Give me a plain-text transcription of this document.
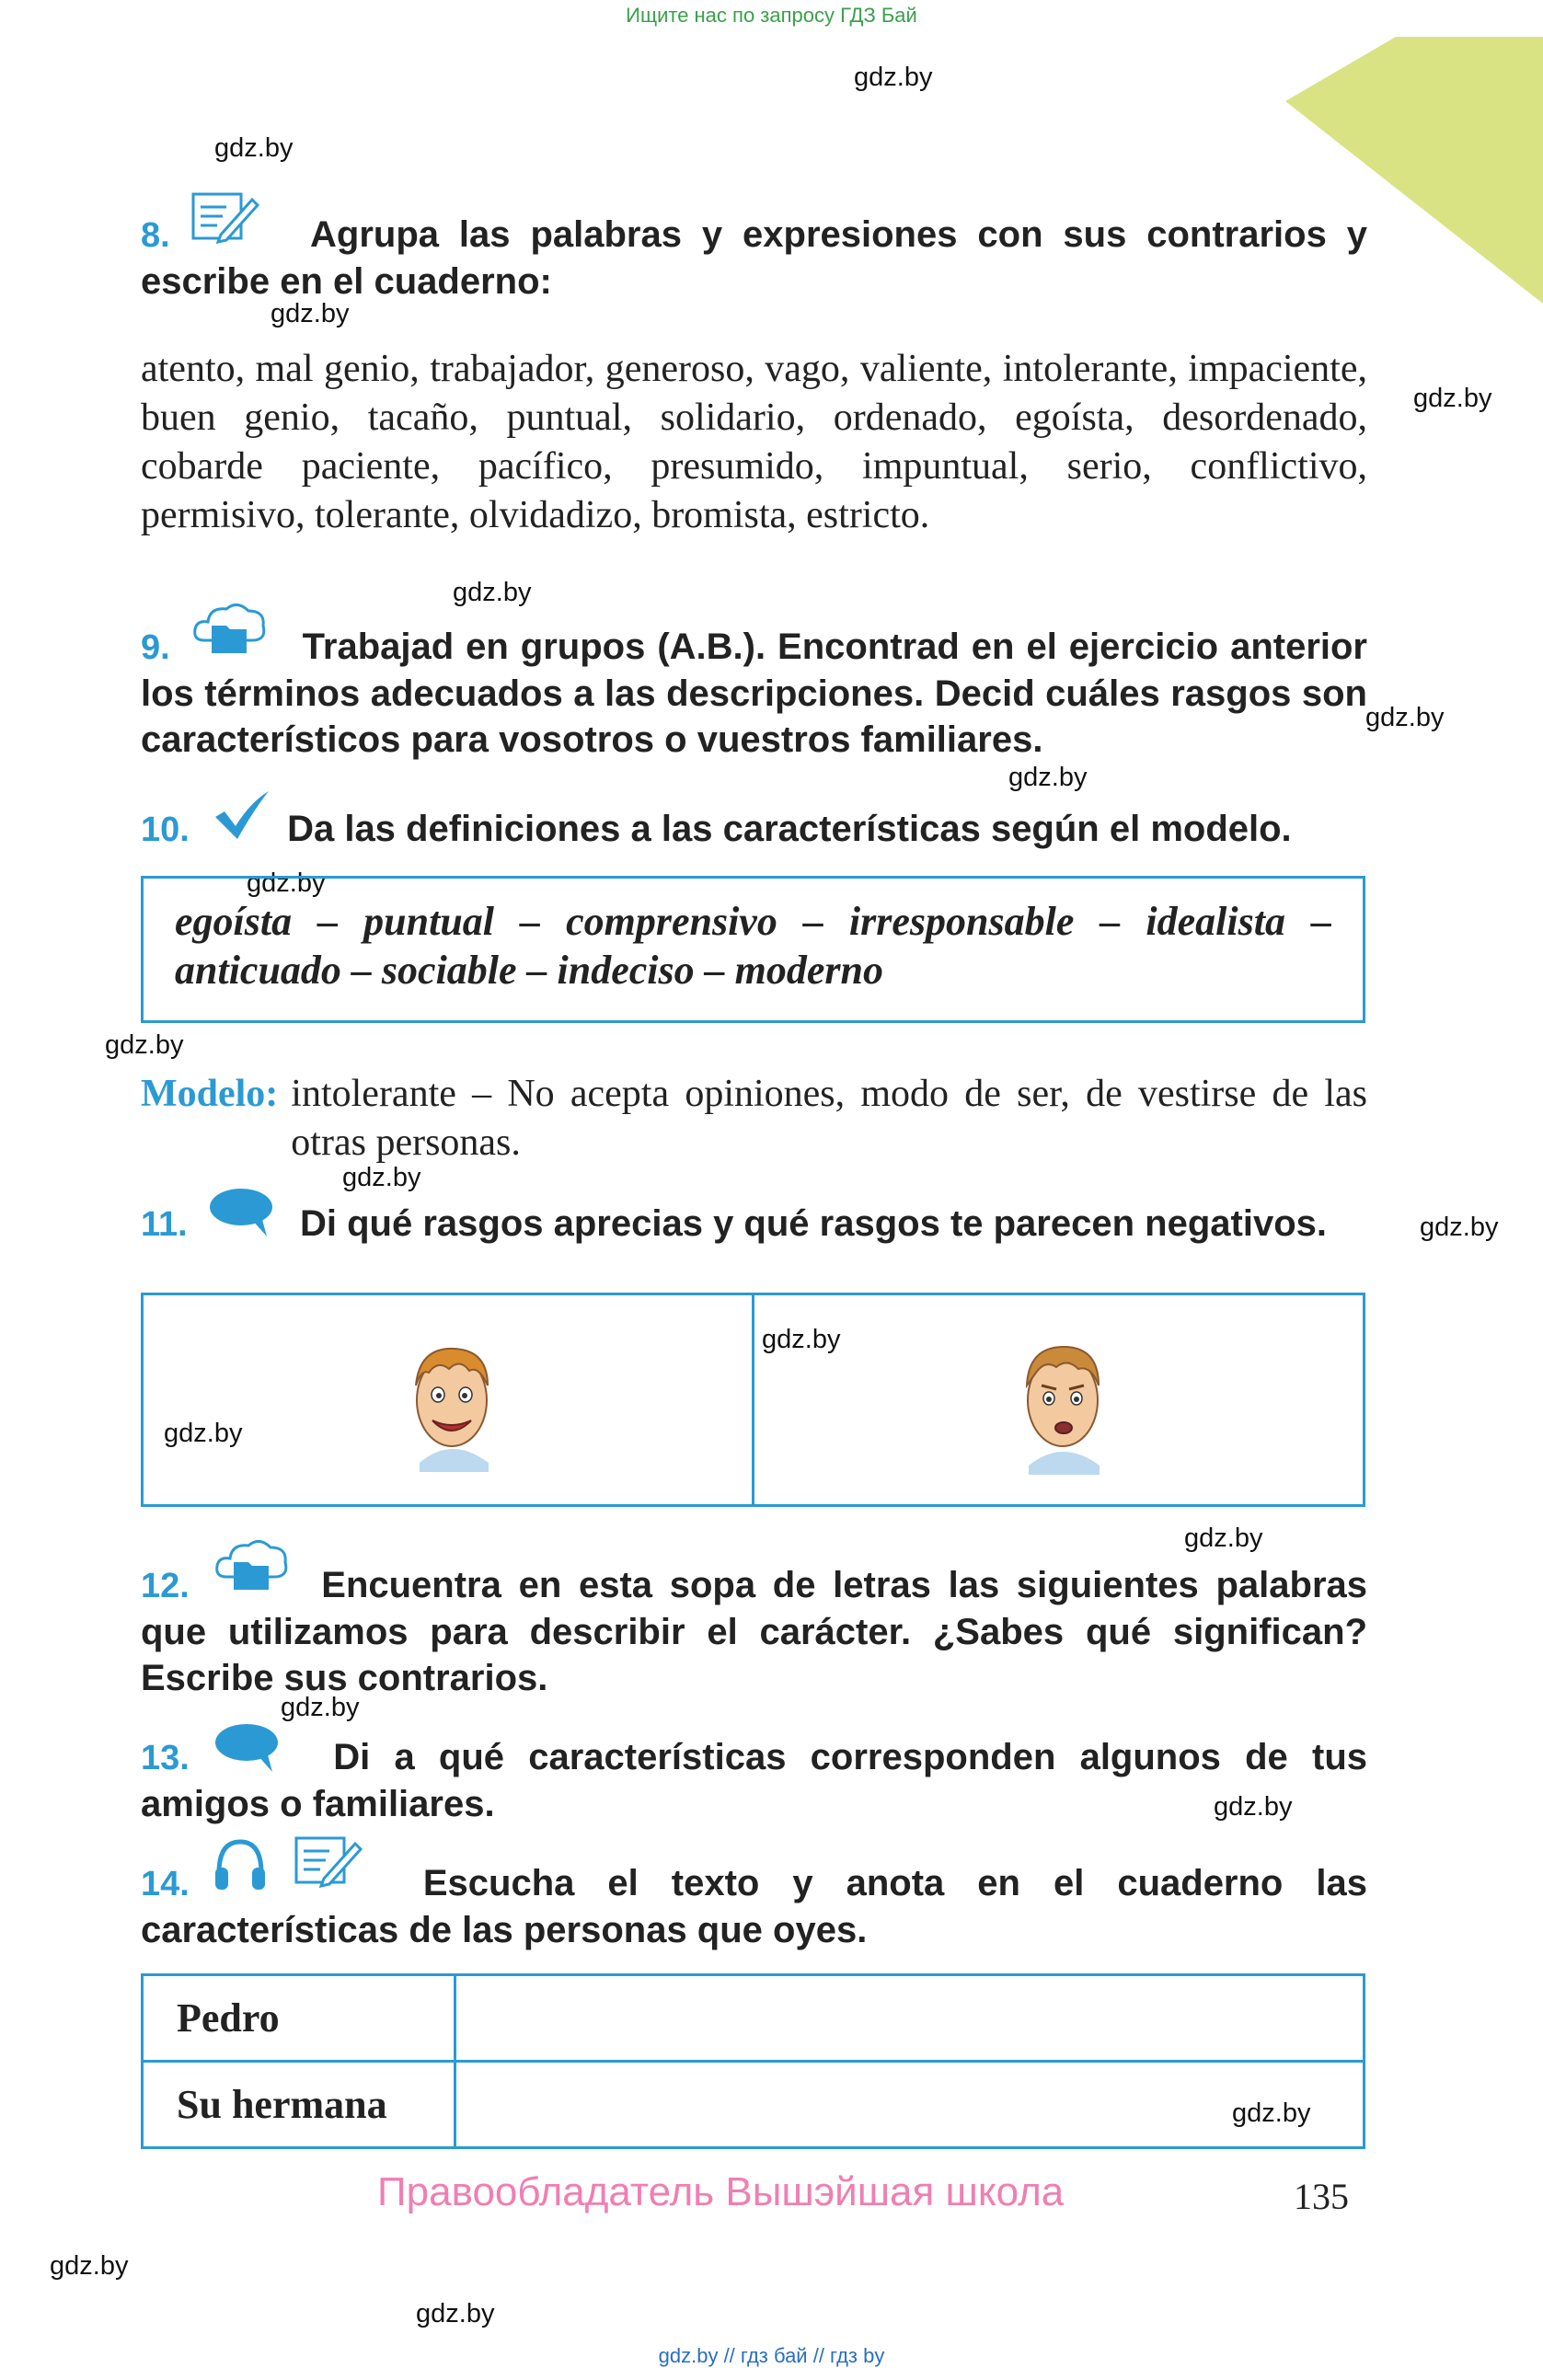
Ищите нас по запросу ГДЗ Бай
gdz.by
gdz.by
gdz.by
gdz.by
gdz.by
gdz.by
gdz.by
gdz.by
gdz.by
gdz.by
gdz.by
gdz.by
gdz.by
gdz.by
gdz.by
gdz.by
gdz.by
gdz.by
gdz.by
8.	Agrupa las palabras y expresiones con sus contrarios y escribe en el cuaderno:
atento, mal genio, trabajador, generoso, vago, valiente, intolerante, impaciente, buen genio, tacaño, puntual, solidario, ordenado, egoísta, desordenado, cobarde paciente, pacífico, presumido, impuntual, serio, conflictivo, permisivo, tolerante, olvidadizo, bromista, estricto.
9.	Trabajad en grupos (A.B.). Encontrad en el ejercicio anterior los términos adecuados a las descripciones. Decid cuáles rasgos son característicos para vosotros o vuestros familiares.
10.	Da las definiciones a las características según el modelo.

egoísta – puntual – comprensivo – irresponsable – idealista – anticuado – sociable – indeciso – moderno

Modelo: intolerante – No acepta opiniones, modo de ser, de vestirse de las otras personas.
11.	Di qué rasgos aprecias y qué rasgos te parecen negativos.
12.	Encuentra en esta sopa de letras las siguientes palabras que utilizamos para describir el carácter. ¿Sabes qué significan? Escribe sus contrarios.
13.	Di a qué características corresponden algunos de tus amigos o familiares.
14.	Escucha el texto y anota en el cuaderno las características de las personas que oyes.
Pedro
Su hermana
Правообладатель Вышэйшая школа	135
gdz.by // гдз бай // гдз by
